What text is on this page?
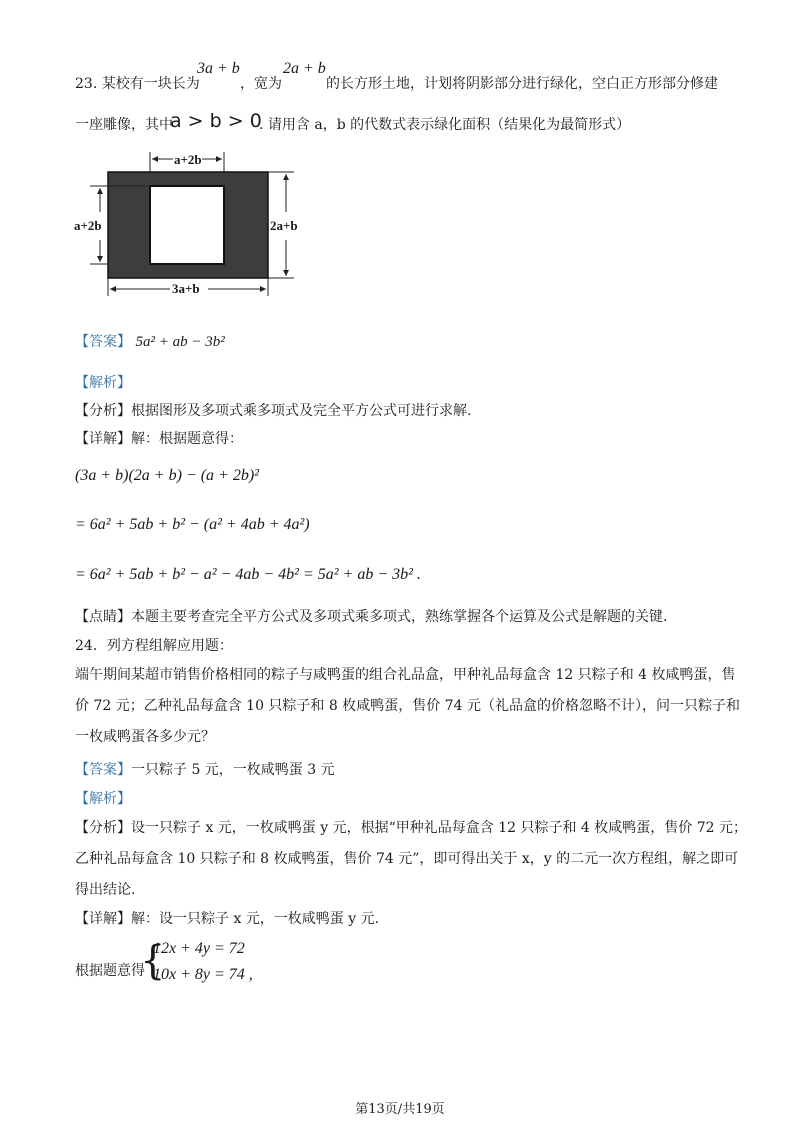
23. 某校有一块长为
3a + b
，宽为
2a + b
的长方形土地，计划将阴影部分进行绿化，空白正方形部分修建
一座雕像，其中
a > b > 0
. 请用含 a，b 的代数式表示绿化面积（结果化为最简形式）
a+2b
a+2b	2a+b
3a+b
【答案】 5a² + ab − 3b²
【解析】
【分析】根据图形及多项式乘多项式及完全平方公式可进行求解.
【详解】解：根据题意得：
(3a + b)(2a + b) − (a + 2b)²
= 6a² + 5ab + b² − (a² + 4ab + 4a²)
= 6a² + 5ab + b² − a² − 4ab − 4b² = 5a² + ab − 3b² .
【点睛】本题主要考查完全平方公式及多项式乘多项式，熟练掌握各个运算及公式是解题的关键.
24．列方程组解应用题：
端午期间某超市销售价格相同的粽子与咸鸭蛋的组合礼品盒，甲种礼品每盒含 12 只粽子和 4 枚咸鸭蛋，售
价 72 元；乙种礼品每盒含 10 只粽子和 8 枚咸鸭蛋，售价 74 元（礼品盒的价格忽略不计），问一只粽子和
一枚咸鸭蛋各多少元？
【答案】一只粽子 5 元，一枚咸鸭蛋 3 元
【解析】
【分析】设一只粽子 x 元，一枚咸鸭蛋 y 元，根据“甲种礼品每盒含 12 只粽子和 4 枚咸鸭蛋，售价 72 元；
乙种礼品每盒含 10 只粽子和 8 枚咸鸭蛋，售价 74 元”，即可得出关于 x，y 的二元一次方程组，解之即可
得出结论.
【详解】解：设一只粽子 x 元，一枚咸鸭蛋 y 元.
根据题意得
{
12x + 4y = 72
10x + 8y = 74 ,
第13页/共19页
